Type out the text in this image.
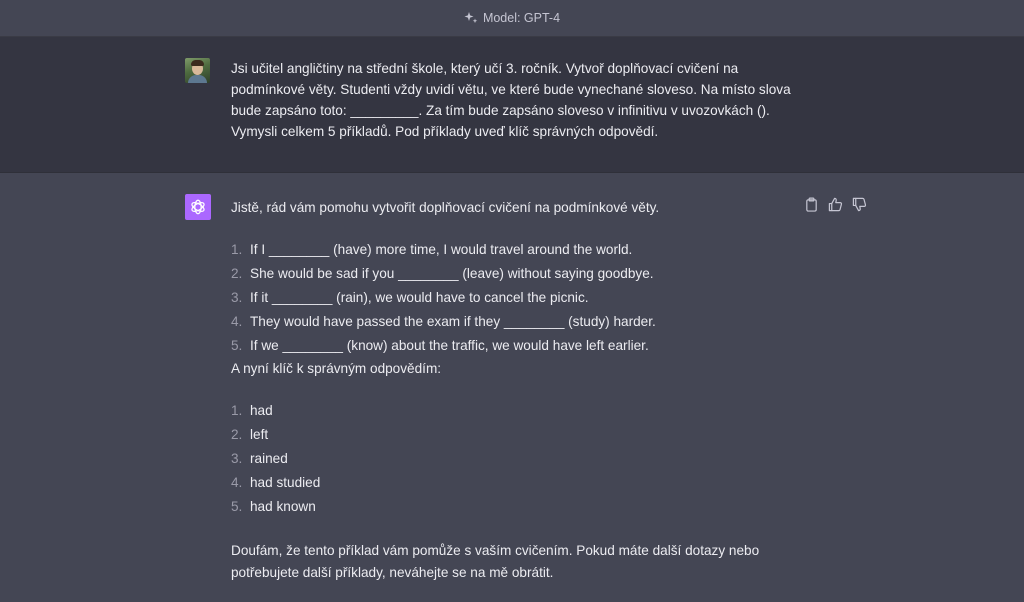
Model: GPT-4

Jsi učitel angličtiny na střední škole, který učí 3. ročník. Vytvoř doplňovací cvičení na

podmínkové věty. Studenti vždy uvidí větu, ve které bude vynechané sloveso. Na místo slova

bude zapsáno toto: _________. Za tím bude zapsáno sloveso v infinitivu v uvozovkách ().

Vymysli celkem 5 příkladů. Pod příklady uveď klíč správných odpovědí.

Jistě, rád vám pomohu vytvořit doplňovací cvičení na podmínkové věty.

1. If I ________ (have) more time, I would travel around the world.
2. She would be sad if you ________ (leave) without saying goodbye.
3. If it ________ (rain), we would have to cancel the picnic.
4. They would have passed the exam if they ________ (study) harder.
5. If we ________ (know) about the traffic, we would have left earlier.

A nyní klíč k správným odpovědím:

1. had
2. left
3. rained
4. had studied
5. had known

Doufám, že tento příklad vám pomůže s vaším cvičením. Pokud máte další dotazy nebo

potřebujete další příklady, neváhejte se na mě obrátit.
